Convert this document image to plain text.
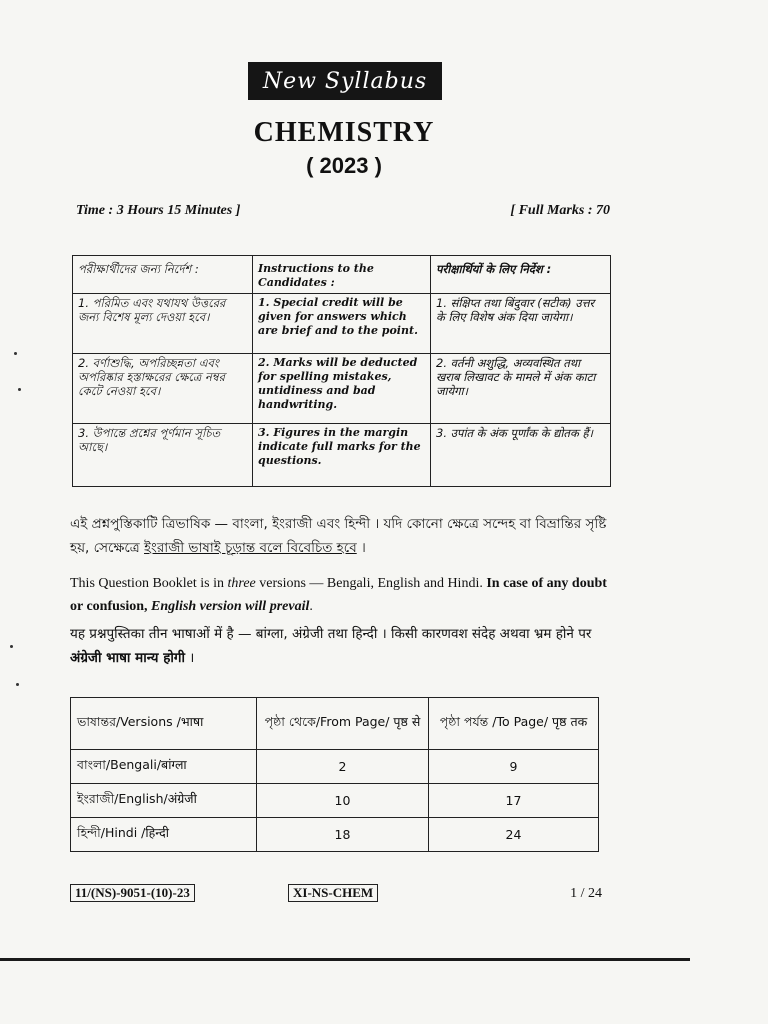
New Syllabus
CHEMISTRY
( 2023 )
Time : 3 Hours 15 Minutes ]	[ Full Marks : 70
পরীক্ষার্থীদের জন্য নির্দেশ :	Instructions to the Candidates :	परीक्षार्थियों के लिए निर्देश :
1. পরিমিত এবং যথাযথ উত্তরের জন্য বিশেষ মূল্য দেওয়া হবে।	1. Special credit will be given for answers which are brief and to the point.	1. संक्षिप्त तथा बिंदुवार (सटीक) उत्तर के लिए विशेष अंक दिया जायेगा।
2. বর্ণাশুদ্ধি, অপরিচ্ছন্নতা এবং অপরিষ্কার হস্তাক্ষরের ক্ষেত্রে নম্বর কেটে নেওয়া হবে।	2. Marks will be deducted for spelling mistakes, untidiness and bad handwriting.	2. वर्तनी अशुद्धि, अव्यवस्थित तथा खराब लिखावट के मामले में अंक काटा जायेगा।
3. উপান্তে প্রশ্নের পূর্ণমান সূচিত আছে।	3. Figures in the margin indicate full marks for the questions.	3. उपांत के अंक पूर्णांक के द्योतक हैं।
এই প্রশ্নপুস্তিকাটি ত্রিভাষিক — বাংলা, ইংরাজী এবং হিন্দী । যদি কোনো ক্ষেত্রে সন্দেহ বা বিভ্রান্তির সৃষ্টি হয়, সেক্ষেত্রে ইংরাজী ভাষাই চূড়ান্ত বলে বিবেচিত হবে ।
This Question Booklet is in three versions — Bengali, English and Hindi. In case of any doubt or confusion, English version will prevail.
यह प्रश्नपुस्तिका तीन भाषाओं में है — बांग्ला, अंग्रेजी तथा हिन्दी । किसी कारणवश संदेह अथवा भ्रम होने पर अंग्रेजी भाषा मान्य होगी ।
ভাষান্তর/Versions /भाषा	পৃষ্ঠা থেকে/From Page/ पृष्ठ से	পৃষ্ঠা পর্যন্ত /To Page/ पृष्ठ तक
বাংলা/Bengali/बांग्ला	2	9
ইংরাজী/English/अंग्रेजी	10	17
হিন্দী/Hindi /हिन्दी	18	24
11/(NS)-9051-(10)-23	XI-NS-CHEM	1 / 24
